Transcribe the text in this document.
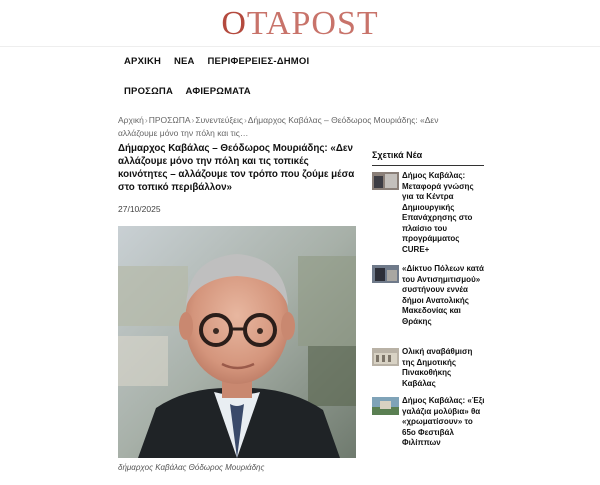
OTAPOST
ΑΡΧΙΚΗ ΝΕΑ ΠΕΡΙΦΕΡΕΙΕΣ-ΔΗΜΟΙ
ΠΡΟΣΩΠΑ ΑΦΙΕΡΩΜΑΤΑ
Αρχική›ΠΡΟΣΩΠΑ›Συνεντεύξεις›Δήμαρχος Καβάλας – Θεόδωρος Μουριάδης: «Δεν αλλάζουμε μόνο την πόλη και τις…
Δήμαρχος Καβάλας – Θεόδωρος Μουριάδης: «Δεν αλλάζουμε μόνο την πόλη και τις τοπικές κοινότητες – αλλάζουμε τον τρόπο που ζούμε μέσα στο τοπικό περιβάλλον»
27/10/2025
δήμαρχος Καβάλας Θόδωρος Μουριάδης
Σχετικά Νέα
Δήμος Καβάλας: Μεταφορά γνώσης για τα Κέντρα Δημιουργικής Επανάχρησης στο πλαίσιο του προγράμματος CURE+
«Δίκτυο Πόλεων κατά του Αντισημιτισμού» συστήνουν εννέα δήμοι Ανατολικής Μακεδονίας και Θράκης
Ολική αναβάθμιση της Δημοτικής Πινακοθήκης Καβάλας
Δήμος Καβάλας: «Έξι γαλάζια μολύβια» θα «χρωματίσουν» το 65ο Φεστιβάλ Φιλίππων
